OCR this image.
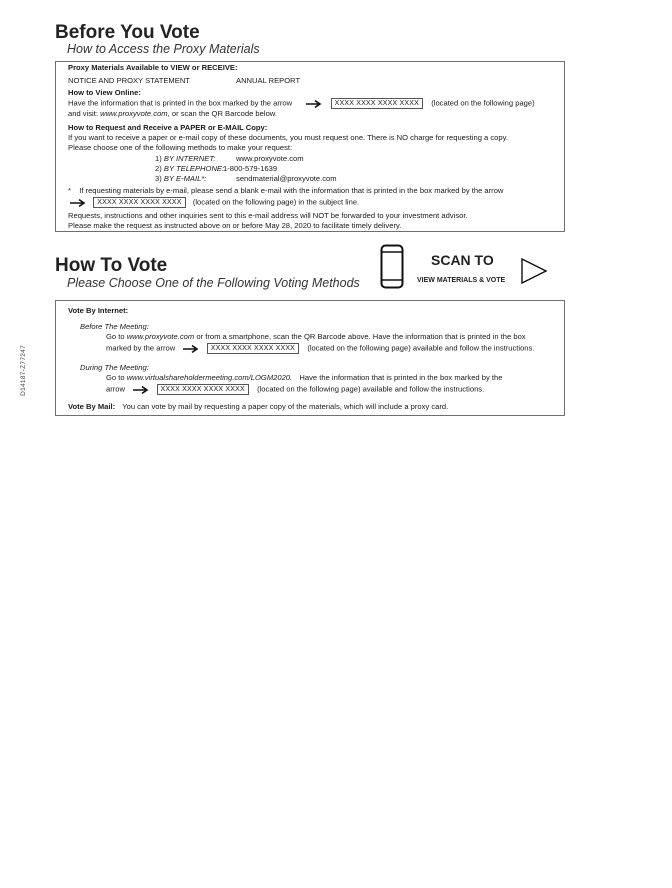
D14187-Z77247
Before You Vote
How to Access the Proxy Materials
Proxy Materials Available to VIEW or RECEIVE:
NOTICE AND PROXY STATEMENT	ANNUAL REPORT
How to View Online:
Have the information that is printed in the box marked by the arrow	XXXX XXXX XXXX XXXX (located on the following page)
and visit: www.proxyvote.com, or scan the QR Barcode below.
How to Request and Receive a PAPER or E-MAIL Copy:
If you want to receive a paper or e-mail copy of these documents, you must request one. There is NO charge for requesting a copy.
Please choose one of the following methods to make your request:
1) BY INTERNET:	www.proxyvote.com
2) BY TELEPHONE: 1-800-579-1639
3) BY E-MAIL*:	sendmaterial@proxyvote.com
* If requesting materials by e-mail, please send a blank e-mail with the information that is printed in the box marked by the arrow
XXXX XXXX XXXX XXXX (located on the following page) in the subject line.
Requests, instructions and other inquiries sent to this e-mail address will NOT be forwarded to your investment advisor.
Please make the request as instructed above on or before May 28, 2020 to facilitate timely delivery.
How To Vote
Please Choose One of the Following Voting Methods
SCAN TO
VIEW MATERIALS & VOTE
Vote By Internet:
Before The Meeting:
Go to www.proxyvote.com or from a smartphone, scan the QR Barcode above. Have the information that is printed in the box
marked by the arrow	XXXX XXXX XXXX XXXX (located on the following page) available and follow the instructions.
During The Meeting:
Go to www.virtualshareholdermeeting.com/LOGM2020. Have the information that is printed in the box marked by the
arrow	XXXX XXXX XXXX XXXX (located on the following page) available and follow the instructions.
Vote By Mail: You can vote by mail by requesting a paper copy of the materials, which will include a proxy card.
